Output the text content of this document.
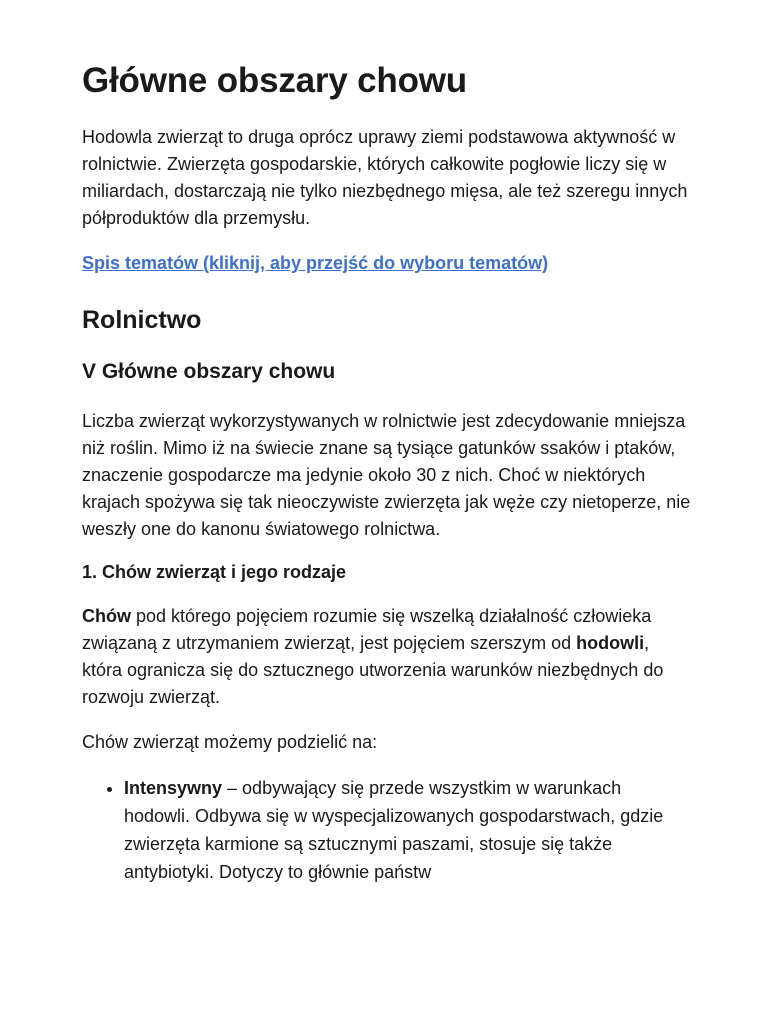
Główne obszary chowu

Hodowla zwierząt to druga oprócz uprawy ziemi podstawowa aktywność w rolnictwie. Zwierzęta gospodarskie, których całkowite pogłowie liczy się w miliardach, dostarczają nie tylko niezbędnego mięsa, ale też szeregu innych półproduktów dla przemysłu.

Spis tematów (kliknij, aby przejść do wyboru tematów)

Rolnictwo
V Główne obszary chowu

Liczba zwierząt wykorzystywanych w rolnictwie jest zdecydowanie mniejsza niż roślin. Mimo iż na świecie znane są tysiące gatunków ssaków i ptaków, znaczenie gospodarcze ma jedynie około 30 z nich. Choć w niektórych krajach spożywa się tak nieoczywiste zwierzęta jak węże czy nietoperze, nie weszły one do kanonu światowego rolnictwa.

1. Chów zwierząt i jego rodzaje

Chów pod którego pojęciem rozumie się wszelką działalność człowieka związaną z utrzymaniem zwierząt, jest pojęciem szerszym od hodowli, która ogranicza się do sztucznego utworzenia warunków niezbędnych do rozwoju zwierząt.

Chów zwierząt możemy podzielić na:

• Intensywny – odbywający się przede wszystkim w warunkach hodowli. Odbywa się w wyspecjalizowanych gospodarstwach, gdzie zwierzęta karmione są sztucznymi paszami, stosuje się także antybiotyki. Dotyczy to głównie państw
